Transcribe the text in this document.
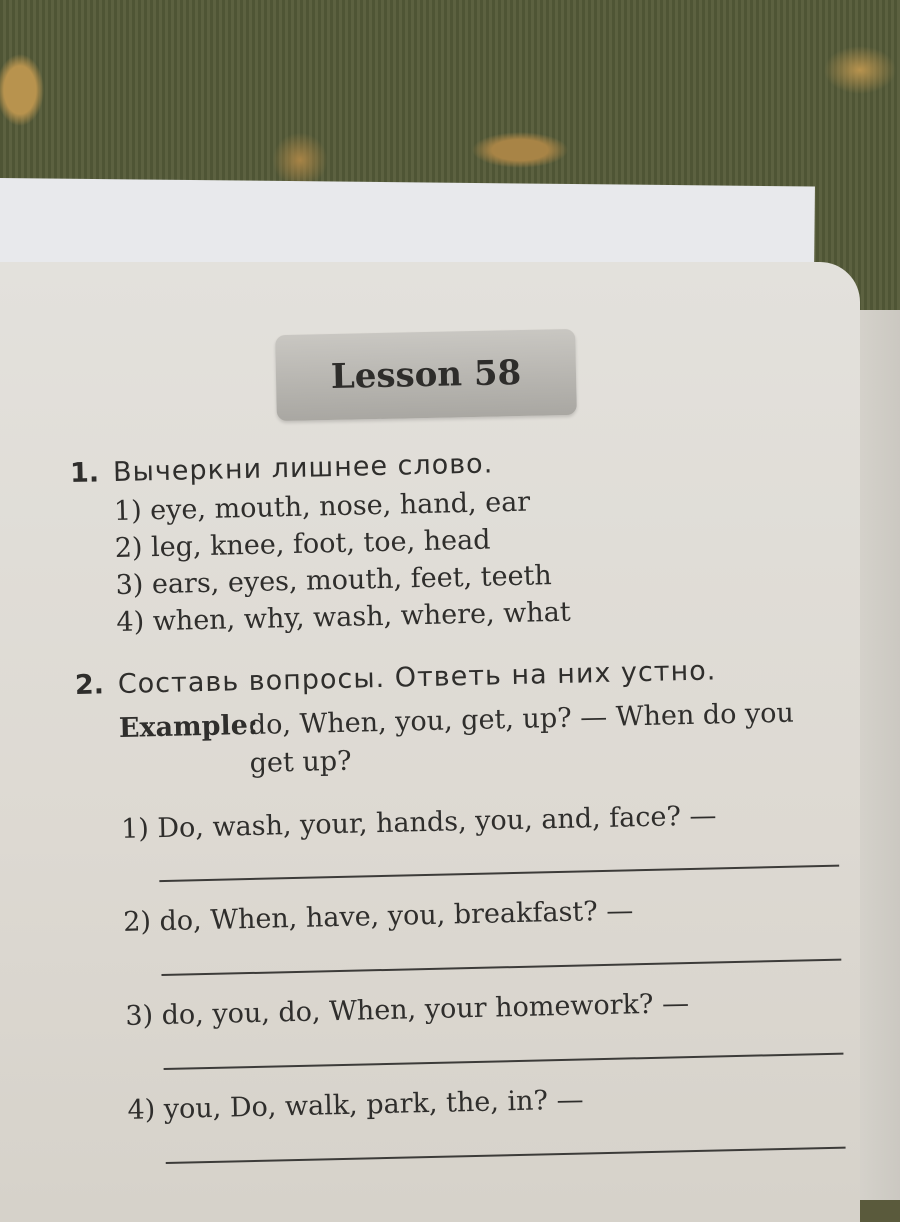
Lesson 58
1. Вычеркни лишнее слово.
1) eye, mouth, nose, hand, ear
2) leg, knee, foot, toe, head
3) ears, eyes, mouth, feet, teeth
4) when, why, wash, where, what
2. Составь вопросы. Ответь на них устно.
Example:
do, When, you, get, up? — When do you
get up?
1) Do, wash, your, hands, you, and, face? —
2) do, When, have, you, breakfast? —
3) do, you, do, When, your homework? —
4) you, Do, walk, park, the, in? —
